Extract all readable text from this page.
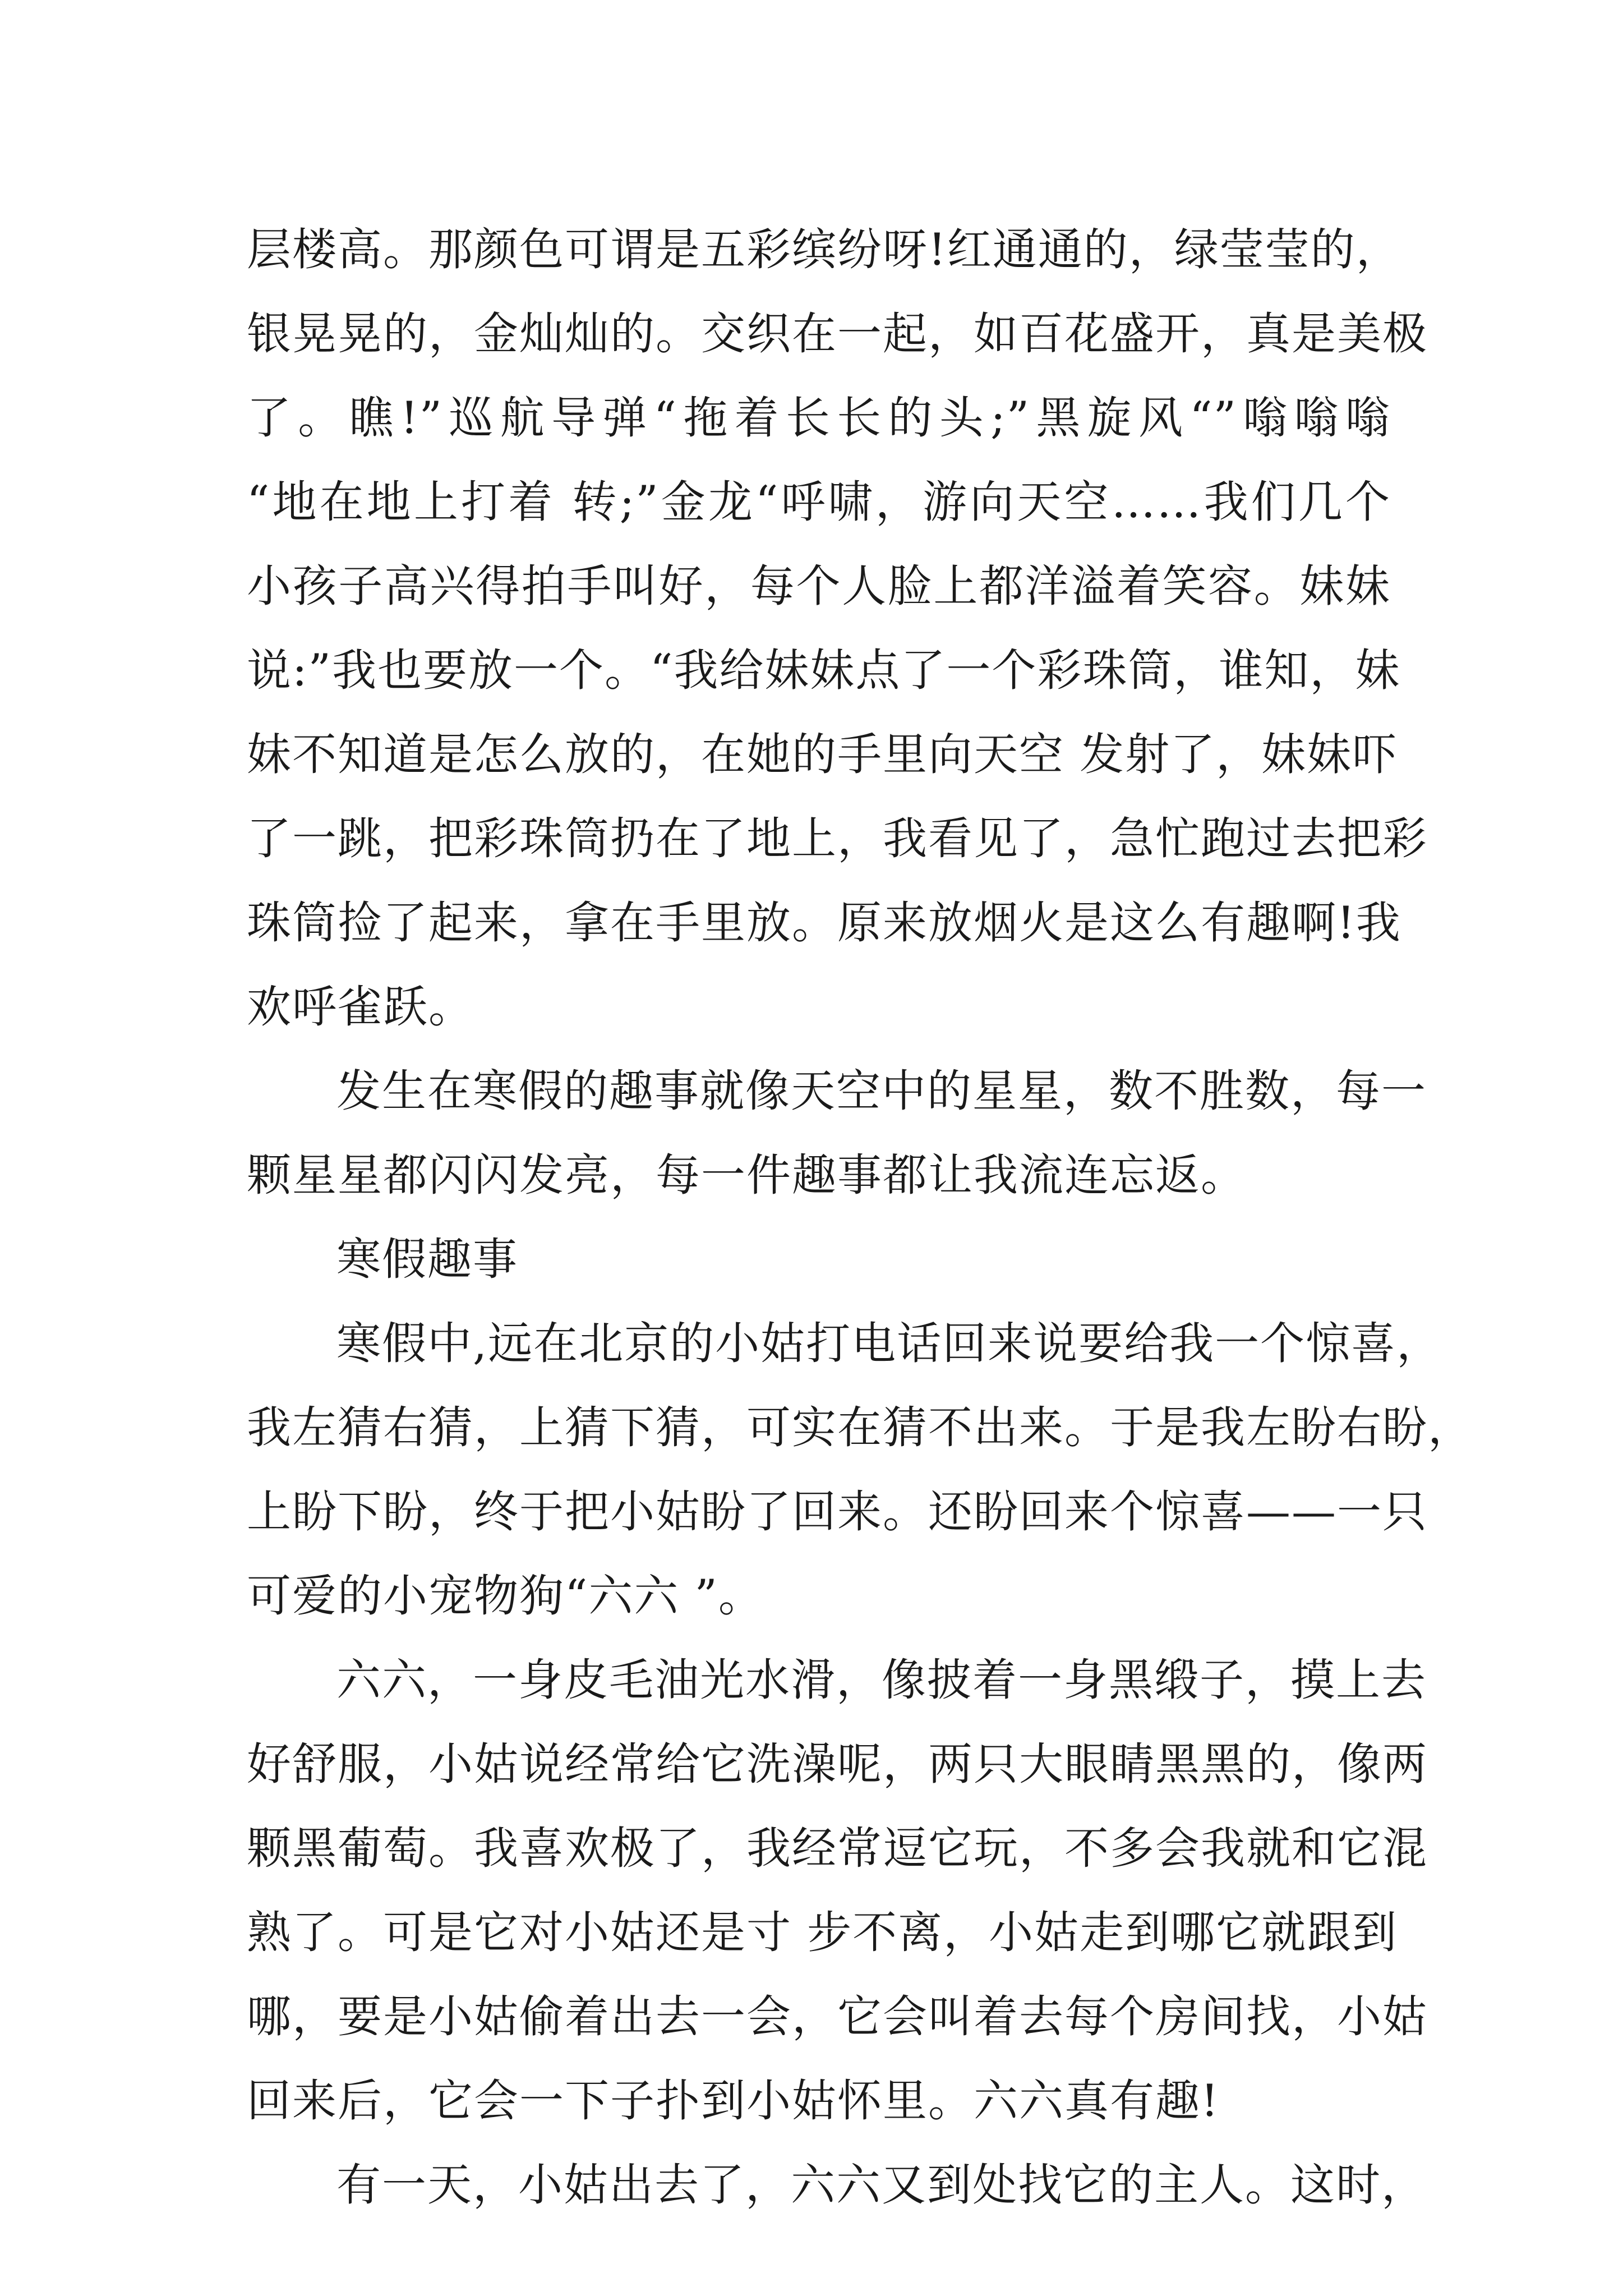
层楼高。那颜色可谓是五彩缤纷呀!红通通的，绿莹莹的，
银晃晃的，金灿灿的。交织在一起，如百花盛开，真是美极
了。瞧!”巡航导弹“拖着长长的头;”黑旋风“”嗡嗡嗡
“地在地上打着 转;”金龙“呼啸，游向天空……我们几个
小孩子高兴得拍手叫好，每个人脸上都洋溢着笑容。妹妹
说:”我也要放一个。“我给妹妹点了一个彩珠筒，谁知，妹
妹不知道是怎么放的，在她的手里向天空 发射了，妹妹吓
了一跳，把彩珠筒扔在了地上，我看见了，急忙跑过去把彩
珠筒捡了起来，拿在手里放。原来放烟火是这么有趣啊!我
欢呼雀跃。
发生在寒假的趣事就像天空中的星星，数不胜数，每一
颗星星都闪闪发亮，每一件趣事都让我流连忘返。
寒假趣事
寒假中,远在北京的小姑打电话回来说要给我一个惊喜，
我左猜右猜，上猜下猜，可实在猜不出来。于是我左盼右盼，
上盼下盼，终于把小姑盼了回来。还盼回来个惊喜——一只
可爱的小宠物狗“六六 ”。
六六，一身皮毛油光水滑，像披着一身黑缎子，摸上去
好舒服，小姑说经常给它洗澡呢，两只大眼睛黑黑的，像两
颗黑葡萄。我喜欢极了，我经常逗它玩，不多会我就和它混
熟了。可是它对小姑还是寸 步不离，小姑走到哪它就跟到
哪，要是小姑偷着出去一会，它会叫着去每个房间找，小姑
回来后，它会一下子扑到小姑怀里。六六真有趣!
有一天，小姑出去了，六六又到处找它的主人。这时，
